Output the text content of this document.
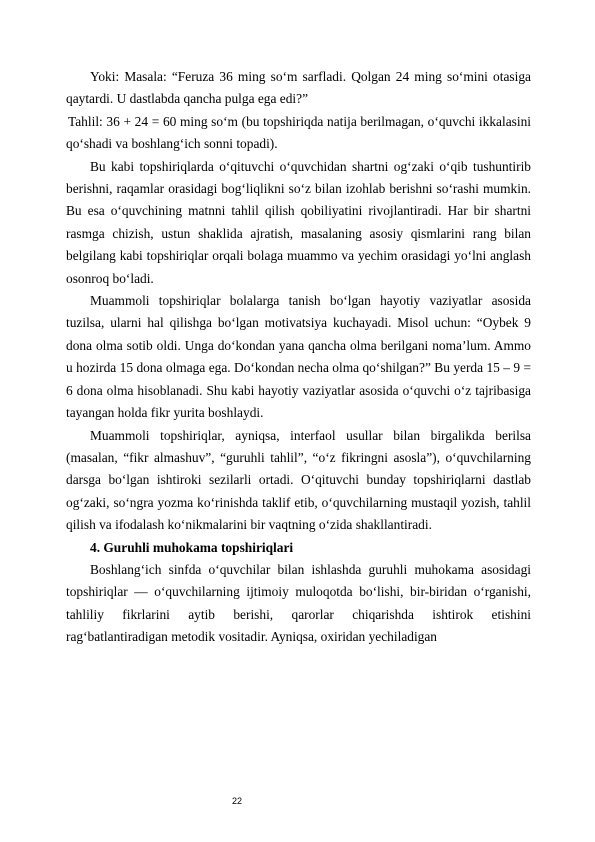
Yoki: Masala: “Feruza 36 ming so‘m sarfladi. Qolgan 24 ming so‘mini otasiga qaytardi. U dastlabda qancha pulga ega edi?”

Tahlil: 36 + 24 = 60 ming so‘m (bu topshiriqda natija berilmagan, o‘quvchi ikkalasini qo‘shadi va boshlang‘ich sonni topadi).

Bu kabi topshiriqlarda o‘qituvchi o‘quvchidan shartni og‘zaki o‘qib tushuntirib berishni, raqamlar orasidagi bog‘liqlikni so‘z bilan izohlab berishni so‘rashi mumkin. Bu esa o‘quvchining matnni tahlil qilish qobiliyatini rivojlantiradi. Har bir shartni rasmga chizish, ustun shaklida ajratish, masalaning asosiy qismlarini rang bilan belgilang kabi topshiriqlar orqali bolaga muammo va yechim orasidagi yo‘lni anglash osonroq bo‘ladi.

Muammoli topshiriqlar bolalarga tanish bo‘lgan hayotiy vaziyatlar asosida tuzilsa, ularni hal qilishga bo‘lgan motivatsiya kuchayadi. Misol uchun: “Oybek 9 dona olma sotib oldi. Unga do‘kondan yana qancha olma berilgani noma’lum. Ammo u hozirda 15 dona olmaga ega. Do‘kondan necha olma qo‘shilgan?” Bu yerda 15 – 9 = 6 dona olma hisoblanadi. Shu kabi hayotiy vaziyatlar asosida o‘quvchi o‘z tajribasiga tayangan holda fikr yurita boshlaydi.

Muammoli topshiriqlar, ayniqsa, interfaol usullar bilan birgalikda berilsa (masalan, “fikr almashuv”, “guruhli tahlil”, “o‘z fikringni asosla”), o‘quvchilarning darsga bo‘lgan ishtiroki sezilarli ortadi. O‘qituvchi bunday topshiriqlarni dastlab og‘zaki, so‘ngra yozma ko‘rinishda taklif etib, o‘quvchilarning mustaqil yozish, tahlil qilish va ifodalash ko‘nikmalarini bir vaqtning o‘zida shakllantiradi.

4. Guruhli muhokama topshiriqlari

Boshlang‘ich sinfda o‘quvchilar bilan ishlashda guruhli muhokama asosidagi topshiriqlar — o‘quvchilarning ijtimoiy muloqotda bo‘lishi, bir-biridan o‘rganishi, tahliliy fikrlarini aytib berishi, qarorlar chiqarishda ishtirok etishini rag‘batlantiradigan metodik vositadir. Ayniqsa, oxiridan yechiladigan

22
